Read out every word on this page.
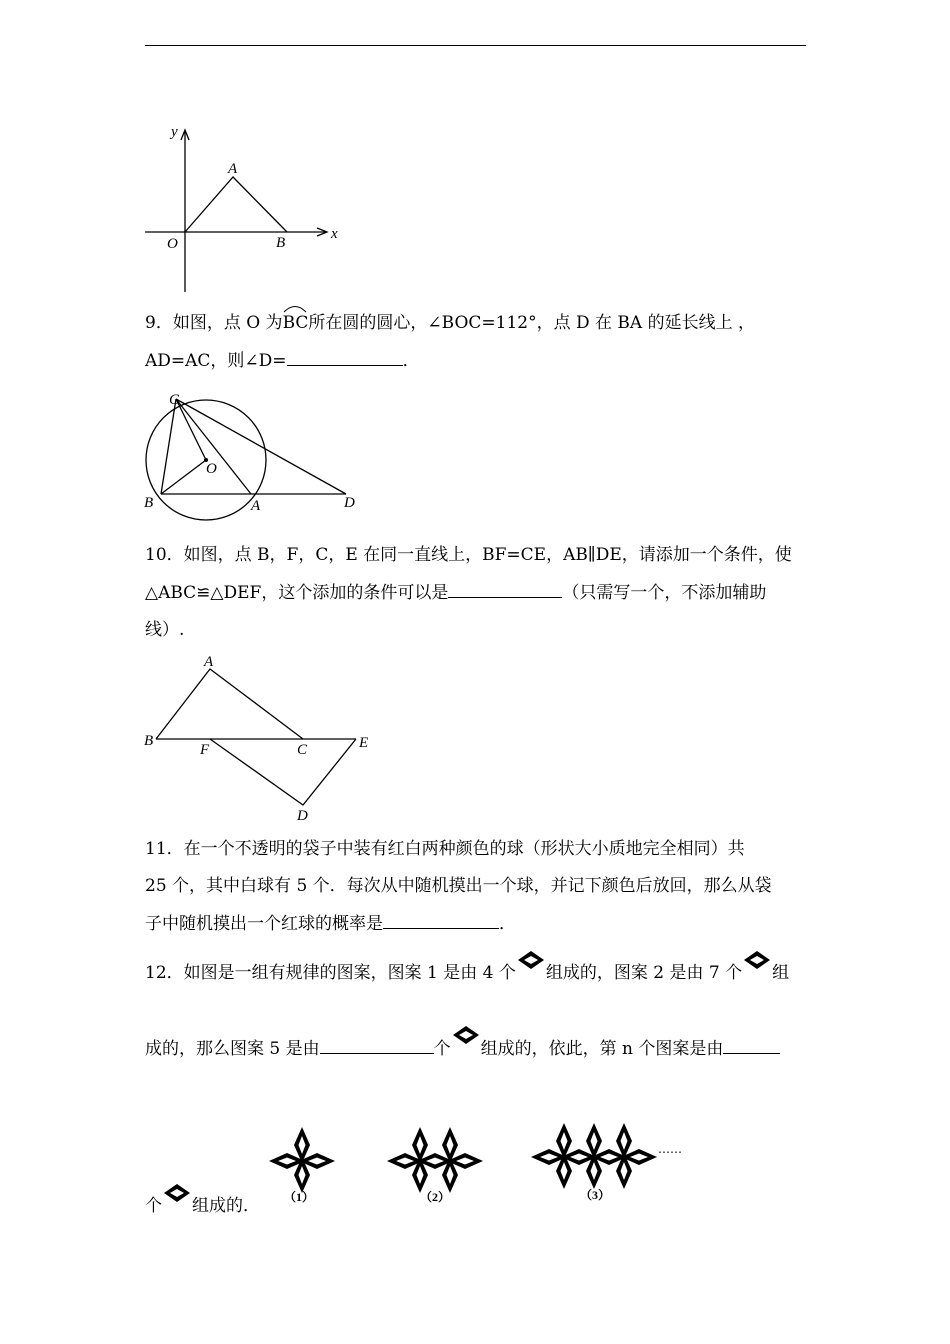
y
x
O
A
B
9．如图，点 O 为
BC所在圆的圆心，∠BOC=112°，点 D 在 BA 的延长线上 ，
AD=AC，则∠D=	．
C
O
B	A	D
10．如图，点 B，F，C，E 在同一直线上，BF=CE，AB∥DE，请添加一个条件，使
△ABC≌△DEF，这个添加的条件可以是	（只需写一个，不添加辅助
线）.
A
B
F	C	E
D
11．在一个不透明的袋子中装有红白两种颜色的球（形状大小质地完全相同）共
25 个，其中白球有 5 个．每次从中随机摸出一个球，并记下颜色后放回，那么从袋
子中随机摸出一个红球的概率是	．
12．如图是一组有规律的图案，图案 1 是由 4 个 组成的，图案 2 是由 7 个 组
成的，那么图案 5 是由	个 组成的，依此，第 n 个图案是由
个 组成的． （1）	（2）	（3）
……
